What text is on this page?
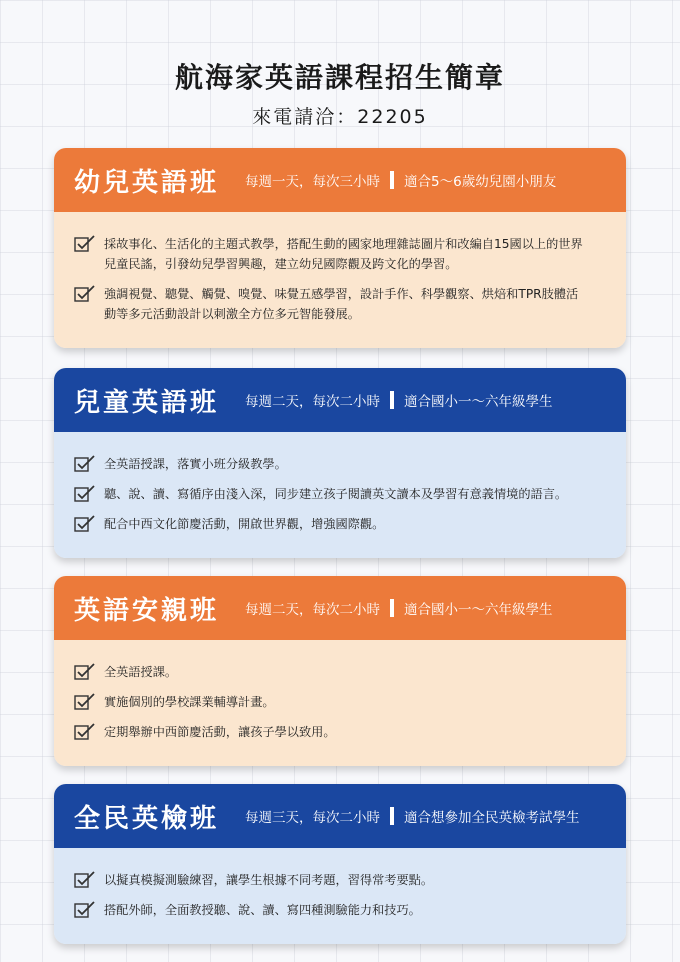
航海家英語課程招生簡章
來電請洽：22205
幼兒英語班 每週一天，每次三小時 適合5～6歲幼兒園小朋友
採故事化、生活化的主題式教學，搭配生動的國家地理雜誌圖片和改編自15國以上的世界兒童民謠，引發幼兒學習興趣，建立幼兒國際觀及跨文化的學習。
強調視覺、聽覺、觸覺、嗅覺、味覺五感學習，設計手作、科學觀察、烘焙和TPR肢體活動等多元活動設計以刺激全方位多元智能發展。
兒童英語班 每週二天，每次二小時 適合國小一～六年級學生
全英語授課，落實小班分級教學。
聽、說、讀、寫循序由淺入深，同步建立孩子閱讀英文讀本及學習有意義情境的語言。
配合中西文化節慶活動，開啟世界觀，增強國際觀。
英語安親班 每週二天，每次二小時 適合國小一～六年級學生
全英語授課。
實施個別的學校課業輔導計畫。
定期舉辦中西節慶活動，讓孩子學以致用。
全民英檢班 每週三天，每次二小時 適合想參加全民英檢考試學生
以擬真模擬測驗練習，讓學生根據不同考題，習得常考要點。
搭配外師，全面教授聽、說、讀、寫四種測驗能力和技巧。
